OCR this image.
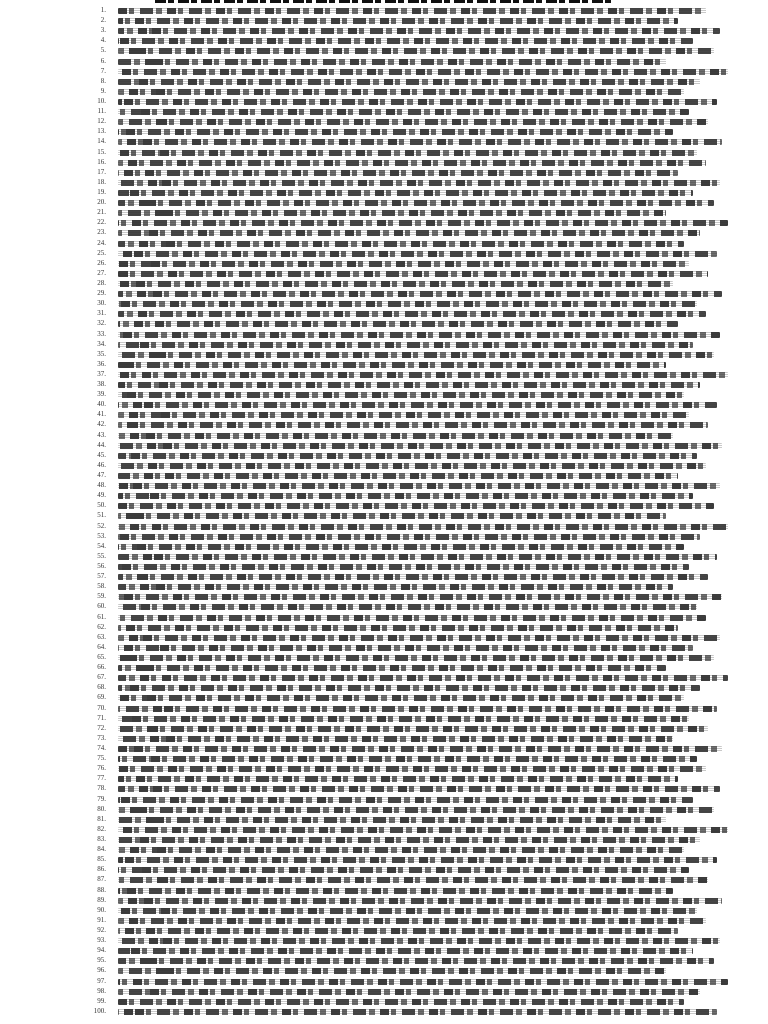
1.
2.
3.
4.
5.
6.
7.
8.
9.
10.
11.
12.
13.
14.
15.
16.
17.
18.
19.
20.
21.
22.
23.
24.
25.
26.
27.
28.
29.
30.
31.
32.
33.
34.
35.
36.
37.
38.
39.
40.
41.
42.
43.
44.
45.
46.
47.
48.
49.
50.
51.
52.
53.
54.
55.
56.
57.
58.
59.
60.
61.
62.
63.
64.
65.
66.
67.
68.
69.
70.
71.
72.
73.
74.
75.
76.
77.
78.
79.
80.
81.
82.
83.
84.
85.
86.
87.
88.
89.
90.
91.
92.
93.
94.
95.
96.
97.
98.
99.
100.
